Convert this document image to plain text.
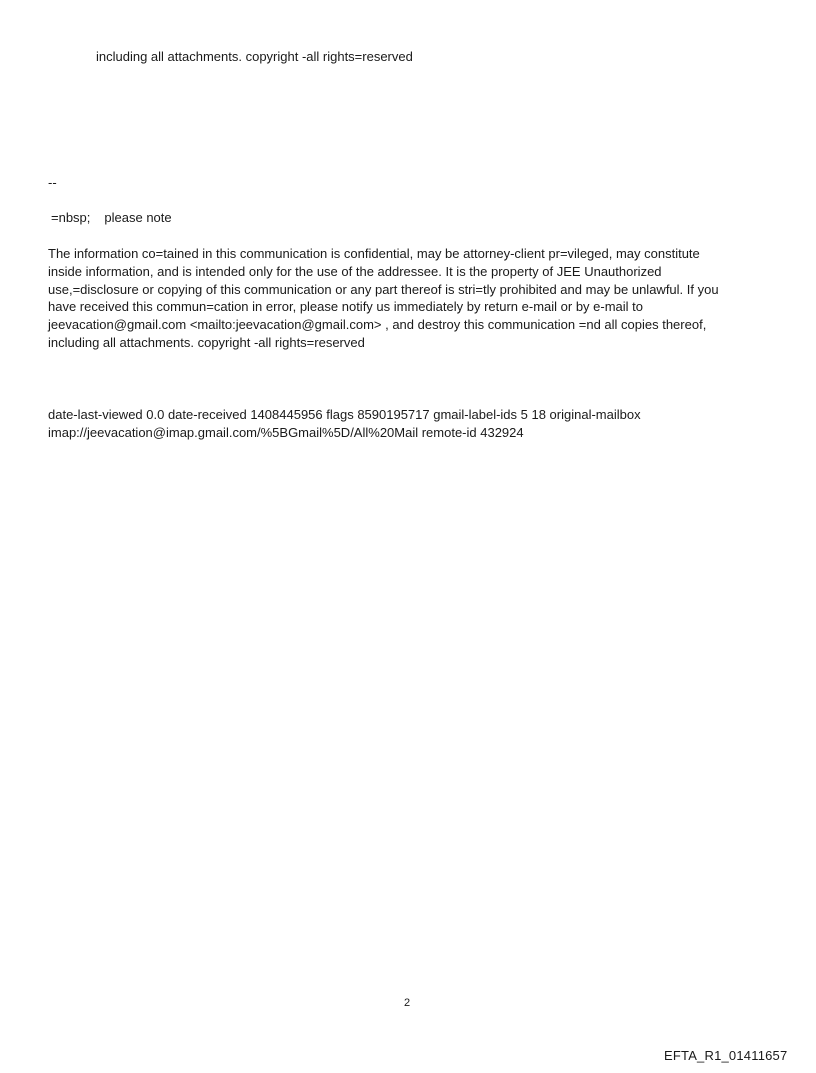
including all attachments. copyright -all rights=reserved
--
=nbsp; please note
The information co=tained in this communication is confidential, may be attorney-client pr=vileged, may constitute
inside information, and is intended only for the use of the addressee. It is the property of JEE Unauthorized
use,=disclosure or copying of this communication or any part thereof is stri=tly prohibited and may be unlawful. If you
have received this commun=cation in error, please notify us immediately by return e-mail or by e-mail to
jeevacation@gmail.com <mailto:jeevacation@gmail.com> , and destroy this communication =nd all copies thereof,
including all attachments. copyright -all rights=reserved
date-last-viewed 0.0 date-received 1408445956 flags 8590195717 gmail-label-ids 5 18 original-mailbox
imap://jeevacation@imap.gmail.com/%5BGmail%5D/All%20Mail remote-id 432924
2
EFTA_R1_01411657
